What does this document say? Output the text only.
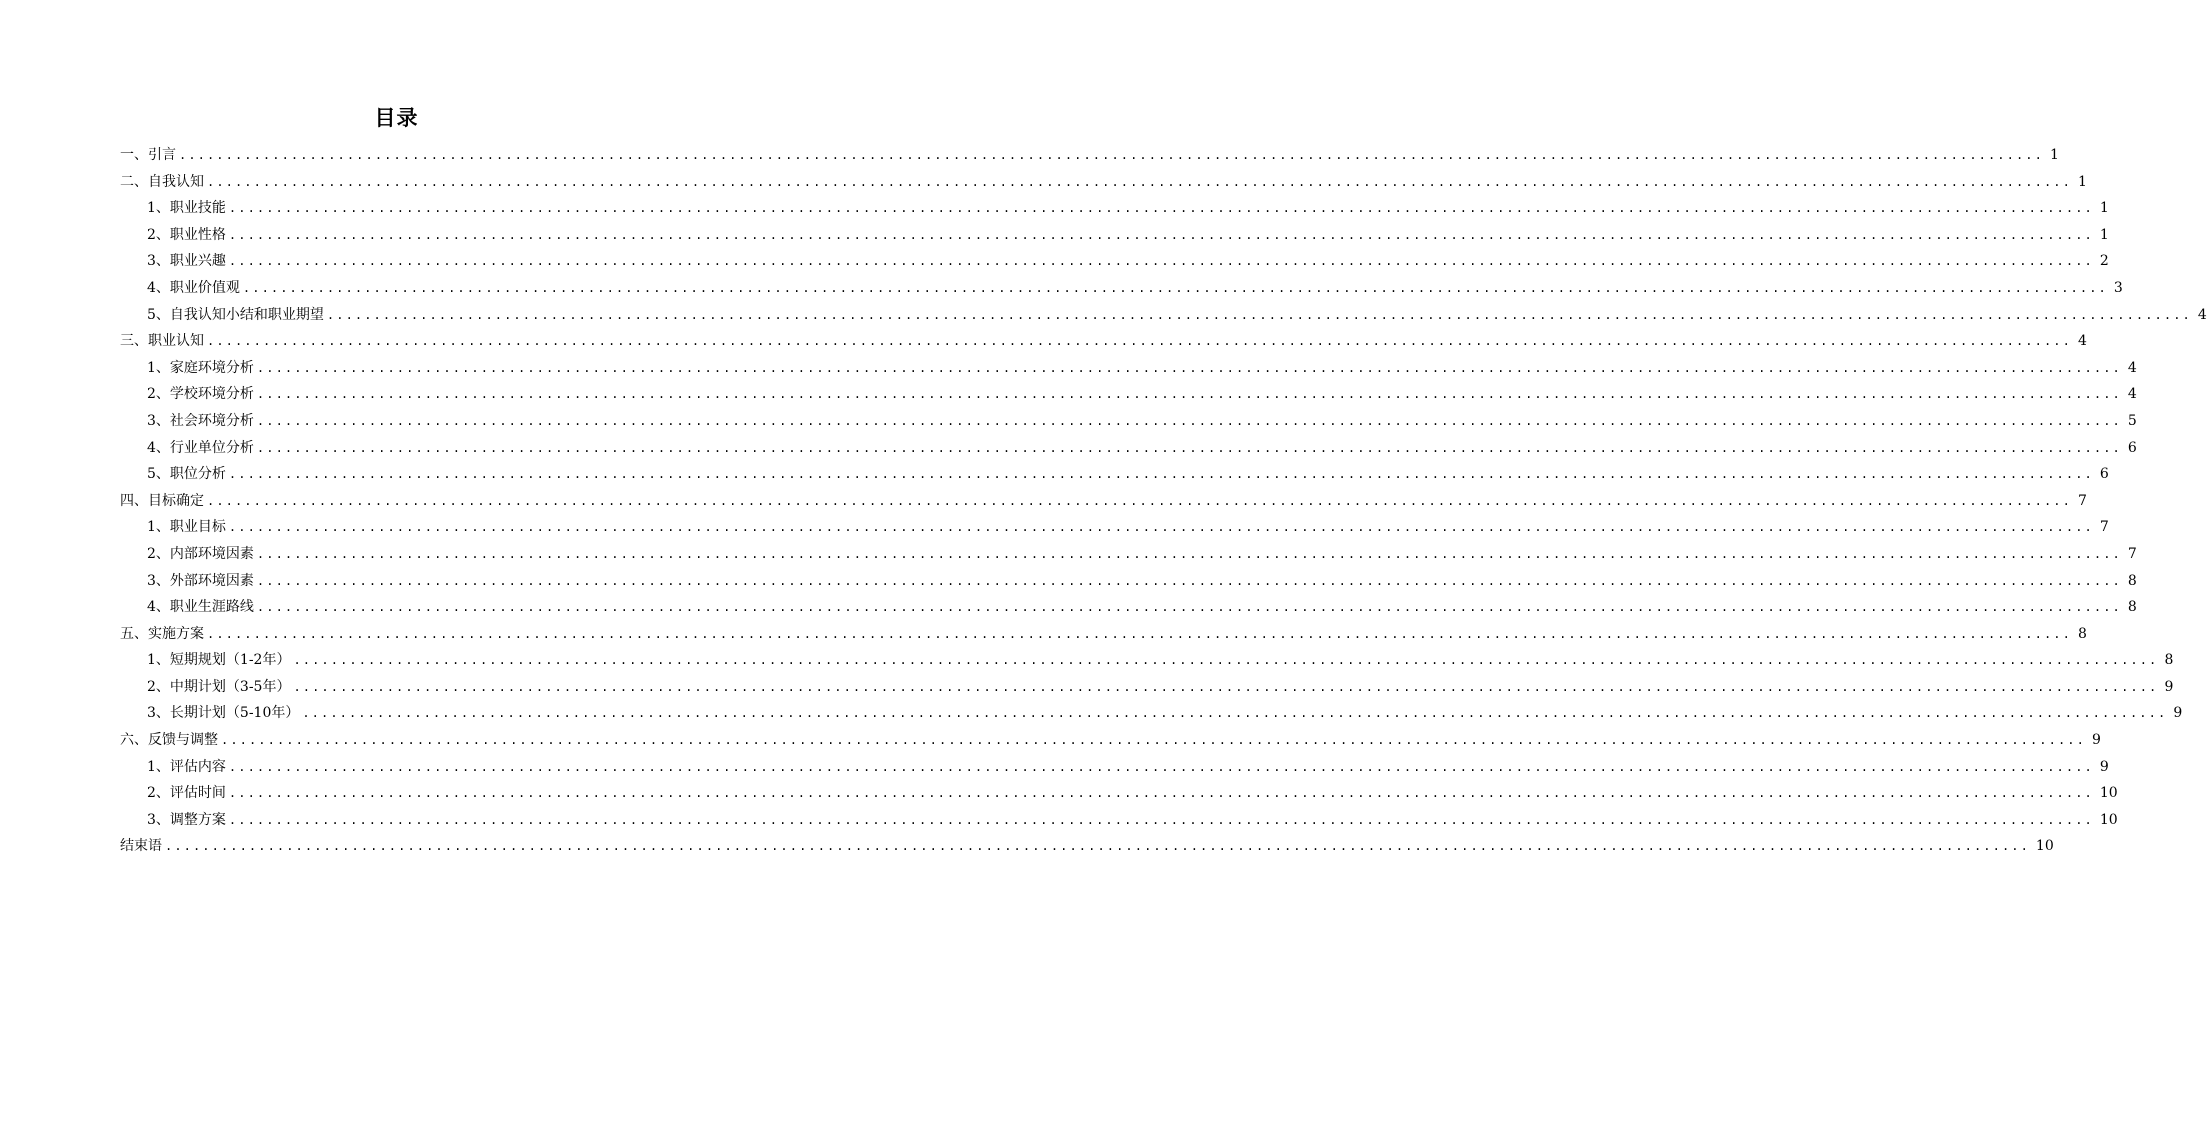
目录
一、引言 ........................................................................................................................................................................................................ 1
二、自我认知 ........................................................................................................................................................................................................ 1
1、职业技能 ........................................................................................................................................................................................................ 1
2、职业性格 ........................................................................................................................................................................................................ 1
3、职业兴趣 ........................................................................................................................................................................................................ 2
4、职业价值观 ........................................................................................................................................................................................................ 3
5、自我认知小结和职业期望 ........................................................................................................................................................................................................ 4
三、职业认知 ........................................................................................................................................................................................................ 4
1、家庭环境分析 ........................................................................................................................................................................................................ 4
2、学校环境分析 ........................................................................................................................................................................................................ 4
3、社会环境分析 ........................................................................................................................................................................................................ 5
4、行业单位分析 ........................................................................................................................................................................................................ 6
5、职位分析 ........................................................................................................................................................................................................ 6
四、目标确定 ........................................................................................................................................................................................................ 7
1、职业目标 ........................................................................................................................................................................................................ 7
2、内部环境因素 ........................................................................................................................................................................................................ 7
3、外部环境因素 ........................................................................................................................................................................................................ 8
4、职业生涯路线 ........................................................................................................................................................................................................ 8
五、实施方案 ........................................................................................................................................................................................................ 8
1、短期规划（1-2年） ........................................................................................................................................................................................................ 8
2、中期计划（3-5年） ........................................................................................................................................................................................................ 9
3、长期计划（5-10年） ........................................................................................................................................................................................................ 9
六、反馈与调整 ........................................................................................................................................................................................................ 9
1、评估内容 ........................................................................................................................................................................................................ 9
2、评估时间 ........................................................................................................................................................................................................ 10
3、调整方案 ........................................................................................................................................................................................................ 10
结束语 ........................................................................................................................................................................................................ 10
